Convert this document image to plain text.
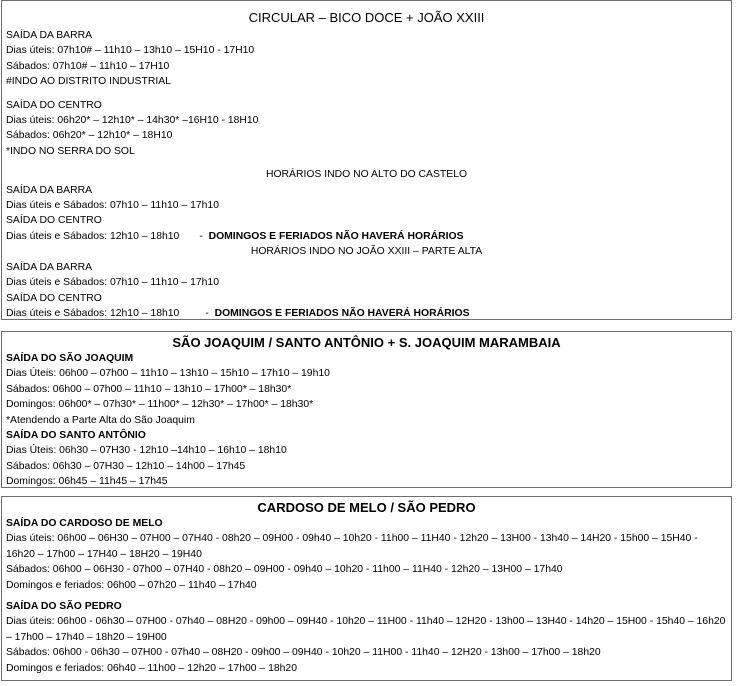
CIRCULAR – BICO DOCE + JOÃO XXIII
SAÍDA DA BARRA
Dias úteis: 07h10# – 11h10 – 13h10 – 15H10 - 17H10
Sábados: 07h10# – 11h10 – 17H10
#INDO AO DISTRITO INDUSTRIAL
SAÍDA DO CENTRO
Dias úteis: 06h20* – 12h10* – 14h30* –16H10 - 18H10
Sábados: 06h20* – 12h10* – 18H10
*INDO NO SERRA DO SOL
HORÁRIOS INDO NO ALTO DO CASTELO
SAÍDA DA BARRA
Dias úteis e Sábados: 07h10 – 11h10 – 17h10
SAÍDA DO CENTRO
Dias úteis e Sábados: 12h10 – 18h10 - DOMINGOS E FERIADOS NÃO HAVERÁ HORÁRIOS
HORÁRIOS INDO NO JOÃO XXIII – PARTE ALTA
SAÍDA DA BARRA
Dias úteis e Sábados: 07h10 – 11h10 – 17h10
SAÍDA DO CENTRO
Dias úteis e Sábados: 12h10 – 18h10	- DOMINGOS E FERIADOS NÃO HAVERÁ HORÁRIOS
SÃO JOAQUIM / SANTO ANTÔNIO + S. JOAQUIM MARAMBAIA
SAÍDA DO SÃO JOAQUIM
Dias Úteis: 06h00 – 07h00 – 11h10 – 13h10 – 15h10 – 17h10 – 19h10
Sábados: 06h00 – 07h00 – 11h10 – 13h10 – 17h00* – 18h30*
Domingos: 06h00* – 07h30* – 11h00* – 12h30* – 17h00* – 18h30*
*Atendendo a Parte Alta do São Joaquim
SAÍDA DO SANTO ANTÔNIO
Dias Úteis: 06h30 – 07H30 - 12h10 –14h10 – 16h10 – 18h10
Sábados: 06h30 – 07H30 – 12h10 – 14h00 – 17h45
Domingos: 06h45 – 11h45 – 17h45
CARDOSO DE MELO / SÃO PEDRO
SAÍDA DO CARDOSO DE MELO
Dias úteis: 06h00 – 06H30 – 07H00 – 07H40 - 08h20 – 09H00 - 09h40 – 10h20 - 11h00 – 11H40 - 12h20 – 13H00 - 13h40 – 14H20 - 15h00 – 15H40 - 16h20 – 17h00 – 17H40 – 18H20 – 19H40
Sábados: 06h00 – 06H30 - 07h00 – 07H40 - 08h20 – 09H00 - 09h40 – 10h20 - 11h00 – 11H40 - 12h20 – 13H00 – 17h40
Domingos e feriados: 06h00 – 07h20 – 11h40 – 17h40
SAÍDA DO SÃO PEDRO
Dias úteis: 06h00 - 06h30 – 07H00 - 07h40 – 08H20 - 09h00 – 09H40 - 10h20 – 11H00 - 11h40 – 12H20 - 13h00 – 13H40 - 14h20 – 15H00 - 15h40 – 16h20 – 17h00 – 17h40 – 18h20 – 19H00
Sábados: 06h00 - 06h30 – 07H00 - 07h40 – 08H20 - 09h00 – 09H40 - 10h20 – 11H00 - 11h40 – 12H20 - 13h00 – 17h00 – 18h20
Domingos e feriados: 06h40 – 11h00 – 12h20 – 17h00 – 18h20
